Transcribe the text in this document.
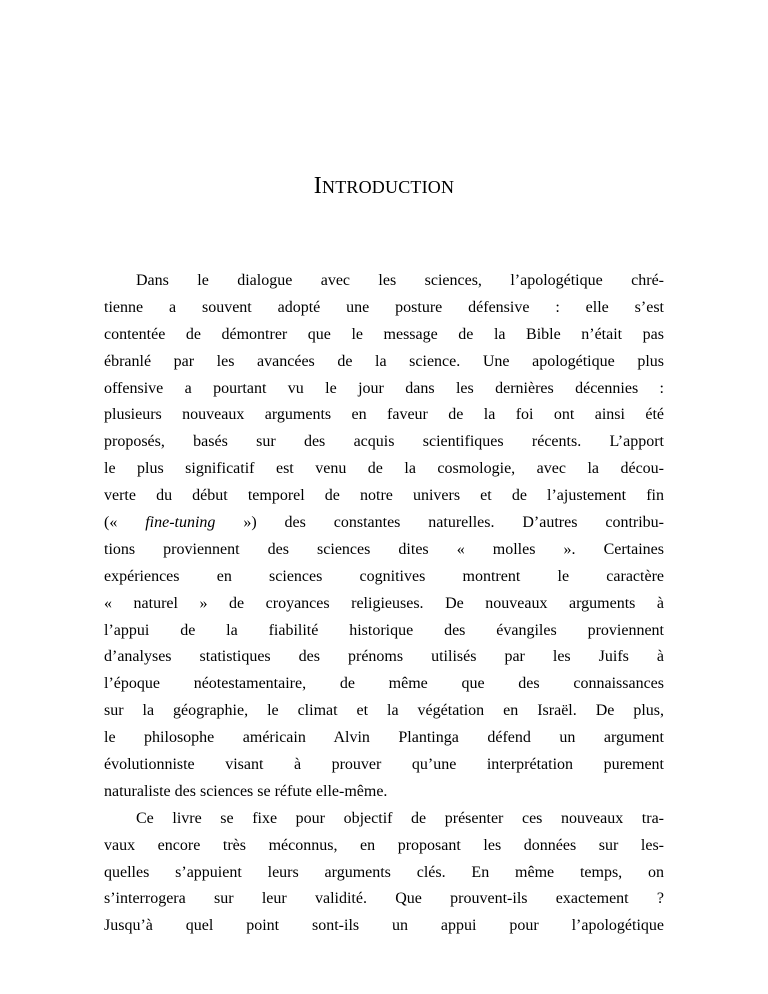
INTRODUCTION
Dans le dialogue avec les sciences, l’apologétique chré-
tienne a souvent adopté une posture défensive : elle s’est
contentée de démontrer que le message de la Bible n’était pas
ébranlé par les avancées de la science. Une apologétique plus
offensive a pourtant vu le jour dans les dernières décennies :
plusieurs nouveaux arguments en faveur de la foi ont ainsi été
proposés, basés sur des acquis scientifiques récents. L’apport
le plus significatif est venu de la cosmologie, avec la décou-
verte du début temporel de notre univers et de l’ajustement fin
(« fine-tuning ») des constantes naturelles. D’autres contribu-
tions proviennent des sciences dites « molles ». Certaines
expériences en sciences cognitives montrent le caractère
« naturel » de croyances religieuses. De nouveaux arguments à
l’appui de la fiabilité historique des évangiles proviennent
d’analyses statistiques des prénoms utilisés par les Juifs à
l’époque néotestamentaire, de même que des connaissances
sur la géographie, le climat et la végétation en Israël. De plus,
le philosophe américain Alvin Plantinga défend un argument
évolutionniste visant à prouver qu’une interprétation purement
naturaliste des sciences se réfute elle-même.
Ce livre se fixe pour objectif de présenter ces nouveaux tra-
vaux encore très méconnus, en proposant les données sur les-
quelles s’appuient leurs arguments clés. En même temps, on
s’interrogera sur leur validité. Que prouvent-ils exactement ?
Jusqu’à quel point sont-ils un appui pour l’apologétique
